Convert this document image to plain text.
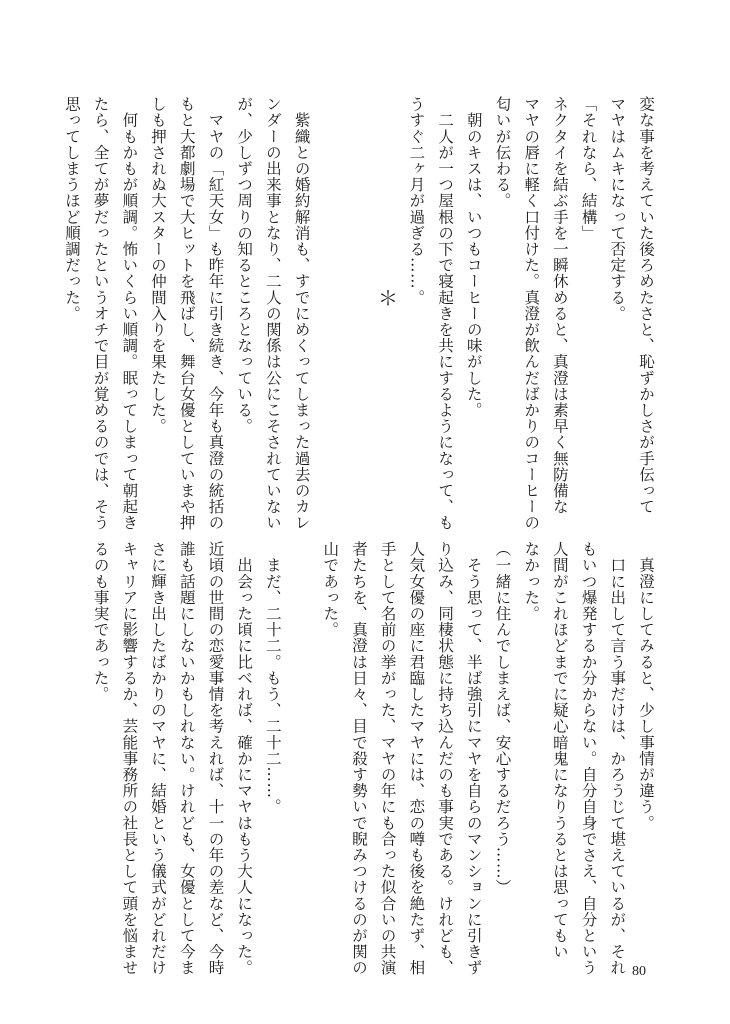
変な事を考えていた後ろめたさと、恥ずかしさが手伝って
マヤはムキになって否定する。
「それなら、結構」
ネクタイを結ぶ手を一瞬休めると、真澄は素早く無防備な
マヤの唇に軽く口付けた。真澄が飲んだばかりのコーヒーの
匂いが伝わる。
　朝のキスは、いつもコーヒーの味がした。
　二人が一つ屋根の下で寝起きを共にするようになって、も
うすぐ二ヶ月が過ぎる……。
　紫織との婚約解消も、すでにめくってしまった過去のカレ
ンダーの出来事となり、二人の関係は公にこそされていない
が、少しずつ周りの知るところとなっている。
　マヤの「紅天女」も昨年に引き続き、今年も真澄の統括の
もと大都劇場で大ヒットを飛ばし、舞台女優としていまや押
しも押されぬ大スターの仲間入りを果たした。
　何もかもが順調。怖いくらい順調。眠ってしまって朝起き
たら、全てが夢だったというオチで目が覚めるのでは、そう
思ってしまうほど順調だった。	＊
　真澄にしてみると、少し事情が違う。
　口に出して言う事だけは、かろうじて堪えているが、それ
もいつ爆発するか分からない。自分自身でさえ、自分という
人間がこれほどまでに疑心暗鬼になりうるとは思ってもい
なかった。
（一緒に住んでしまえば、安心するだろう……）
　そう思って、半ば強引にマヤを自らのマンションに引きず
り込み、同棲状態に持ち込んだのも事実である。けれども、
人気女優の座に君臨したマヤには、恋の噂も後を絶たず、相
手として名前の挙がった、マヤの年にも合った似合いの共演
者たちを、真澄は日々、目で殺す勢いで睨みつけるのが関の
山であった。
　まだ、二十二。もう、二十二……。
　出会った頃に比べれば、確かにマヤはもう大人になった。
近頃の世間の恋愛事情を考えれば、十一の年の差など、今時
誰も話題にしないかもしれない。けれども、女優として今ま
さに輝き出したばかりのマヤに、結婚という儀式がどれだけ
キャリアに影響するか、芸能事務所の社長として頭を悩ませ
るのも事実であった。
80
